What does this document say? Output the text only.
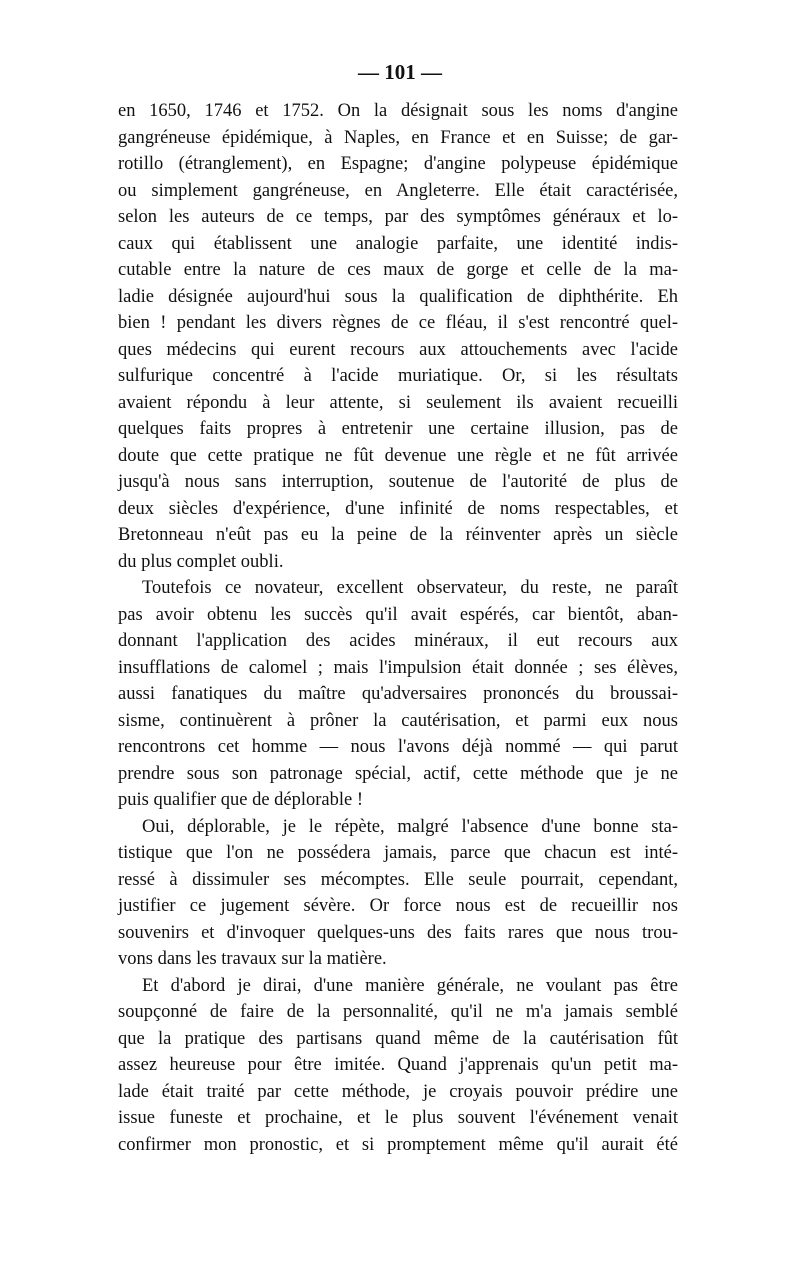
— 101 —
en 1650, 1746 et 1752. On la désignait sous les noms d'angine
gangréneuse épidémique, à Naples, en France et en Suisse; de gar-
rotillo (étranglement), en Espagne; d'angine polypeuse épidémique
ou simplement gangréneuse, en Angleterre. Elle était caractérisée,
selon les auteurs de ce temps, par des symptômes généraux et lo-
caux qui établissent une analogie parfaite, une identité indis-
cutable entre la nature de ces maux de gorge et celle de la ma-
ladie désignée aujourd'hui sous la qualification de diphthérite. Eh
bien ! pendant les divers règnes de ce fléau, il s'est rencontré quel-
ques médecins qui eurent recours aux attouchements avec l'acide
sulfurique concentré à l'acide muriatique. Or, si les résultats
avaient répondu à leur attente, si seulement ils avaient recueilli
quelques faits propres à entretenir une certaine illusion, pas de
doute que cette pratique ne fût devenue une règle et ne fût arrivée
jusqu'à nous sans interruption, soutenue de l'autorité de plus de
deux siècles d'expérience, d'une infinité de noms respectables, et
Bretonneau n'eût pas eu la peine de la réinventer après un siècle
du plus complet oubli.
Toutefois ce novateur, excellent observateur, du reste, ne paraît
pas avoir obtenu les succès qu'il avait espérés, car bientôt, aban-
donnant l'application des acides minéraux, il eut recours aux
insufflations de calomel ; mais l'impulsion était donnée ; ses élèves,
aussi fanatiques du maître qu'adversaires prononcés du broussai-
sisme, continuèrent à prôner la cautérisation, et parmi eux nous
rencontrons cet homme — nous l'avons déjà nommé — qui parut
prendre sous son patronage spécial, actif, cette méthode que je ne
puis qualifier que de déplorable !
Oui, déplorable, je le répète, malgré l'absence d'une bonne sta-
tistique que l'on ne possédera jamais, parce que chacun est inté-
ressé à dissimuler ses mécomptes. Elle seule pourrait, cependant,
justifier ce jugement sévère. Or force nous est de recueillir nos
souvenirs et d'invoquer quelques-uns des faits rares que nous trou-
vons dans les travaux sur la matière.
Et d'abord je dirai, d'une manière générale, ne voulant pas être
soupçonné de faire de la personnalité, qu'il ne m'a jamais semblé
que la pratique des partisans quand même de la cautérisation fût
assez heureuse pour être imitée. Quand j'apprenais qu'un petit ma-
lade était traité par cette méthode, je croyais pouvoir prédire une
issue funeste et prochaine, et le plus souvent l'événement venait
confirmer mon pronostic, et si promptement même qu'il aurait été
